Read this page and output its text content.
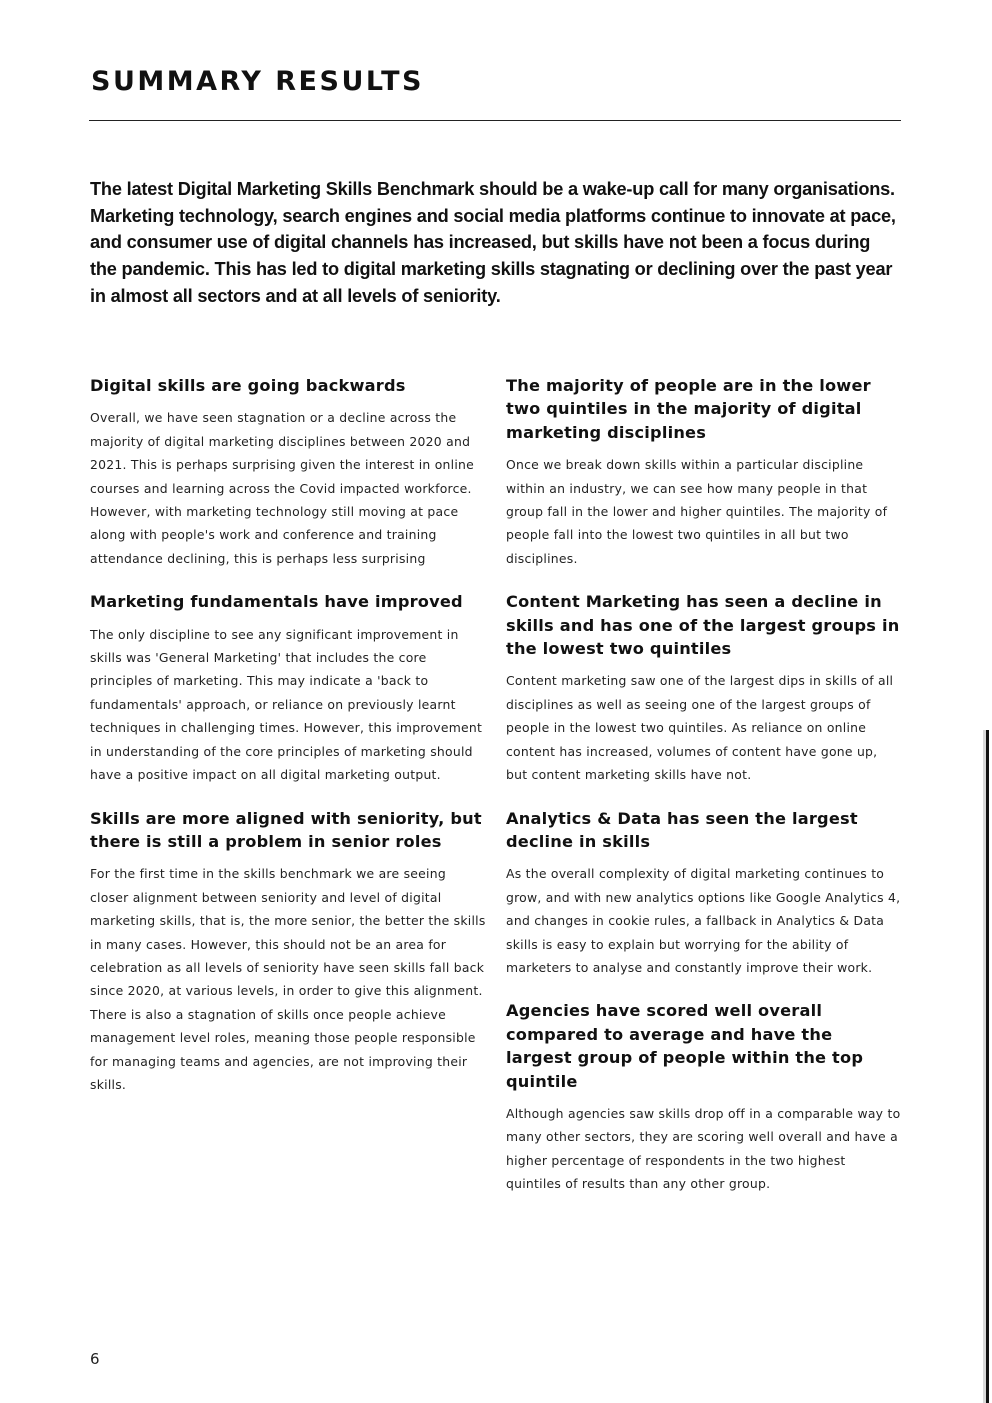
SUMMARY RESULTS

The latest Digital Marketing Skills Benchmark should be a wake-up call for many organisations. Marketing technology, search engines and social media platforms continue to innovate at pace, and consumer use of digital channels has increased, but skills have not been a focus during the pandemic. This has led to digital marketing skills stagnating or declining over the past year in almost all sectors and at all levels of seniority.

Digital skills are going backwards

Overall, we have seen stagnation or a decline across the majority of digital marketing disciplines between 2020 and 2021. This is perhaps surprising given the interest in online courses and learning across the Covid impacted workforce. However, with marketing technology still moving at pace along with people's work and conference and training attendance declining, this is perhaps less surprising

Marketing fundamentals have improved

The only discipline to see any significant improvement in skills was 'General Marketing' that includes the core principles of marketing. This may indicate a 'back to fundamentals' approach, or reliance on previously learnt techniques in challenging times. However, this improvement in understanding of the core principles of marketing should have a positive impact on all digital marketing output.

Skills are more aligned with seniority, but there is still a problem in senior roles

For the first time in the skills benchmark we are seeing closer alignment between seniority and level of digital marketing skills, that is, the more senior, the better the skills in many cases. However, this should not be an area for celebration as all levels of seniority have seen skills fall back since 2020, at various levels, in order to give this alignment. There is also a stagnation of skills once people achieve management level roles, meaning those people responsible for managing teams and agencies, are not improving their skills.

The majority of people are in the lower two quintiles in the majority of digital marketing disciplines

Once we break down skills within a particular discipline within an industry, we can see how many people in that group fall in the lower and higher quintiles. The majority of people fall into the lowest two quintiles in all but two disciplines.

Content Marketing has seen a decline in skills and has one of the largest groups in the lowest two quintiles

Content marketing saw one of the largest dips in skills of all disciplines as well as seeing one of the largest groups of people in the lowest two quintiles. As reliance on online content has increased, volumes of content have gone up, but content marketing skills have not.

Analytics & Data has seen the largest decline in skills

As the overall complexity of digital marketing continues to grow, and with new analytics options like Google Analytics 4, and changes in cookie rules, a fallback in Analytics & Data skills is easy to explain but worrying for the ability of marketers to analyse and constantly improve their work.

Agencies have scored well overall compared to average and have the largest group of people within the top quintile

Although agencies saw skills drop off in a comparable way to many other sectors, they are scoring well overall and have a higher percentage of respondents in the two highest quintiles of results than any other group.

6
